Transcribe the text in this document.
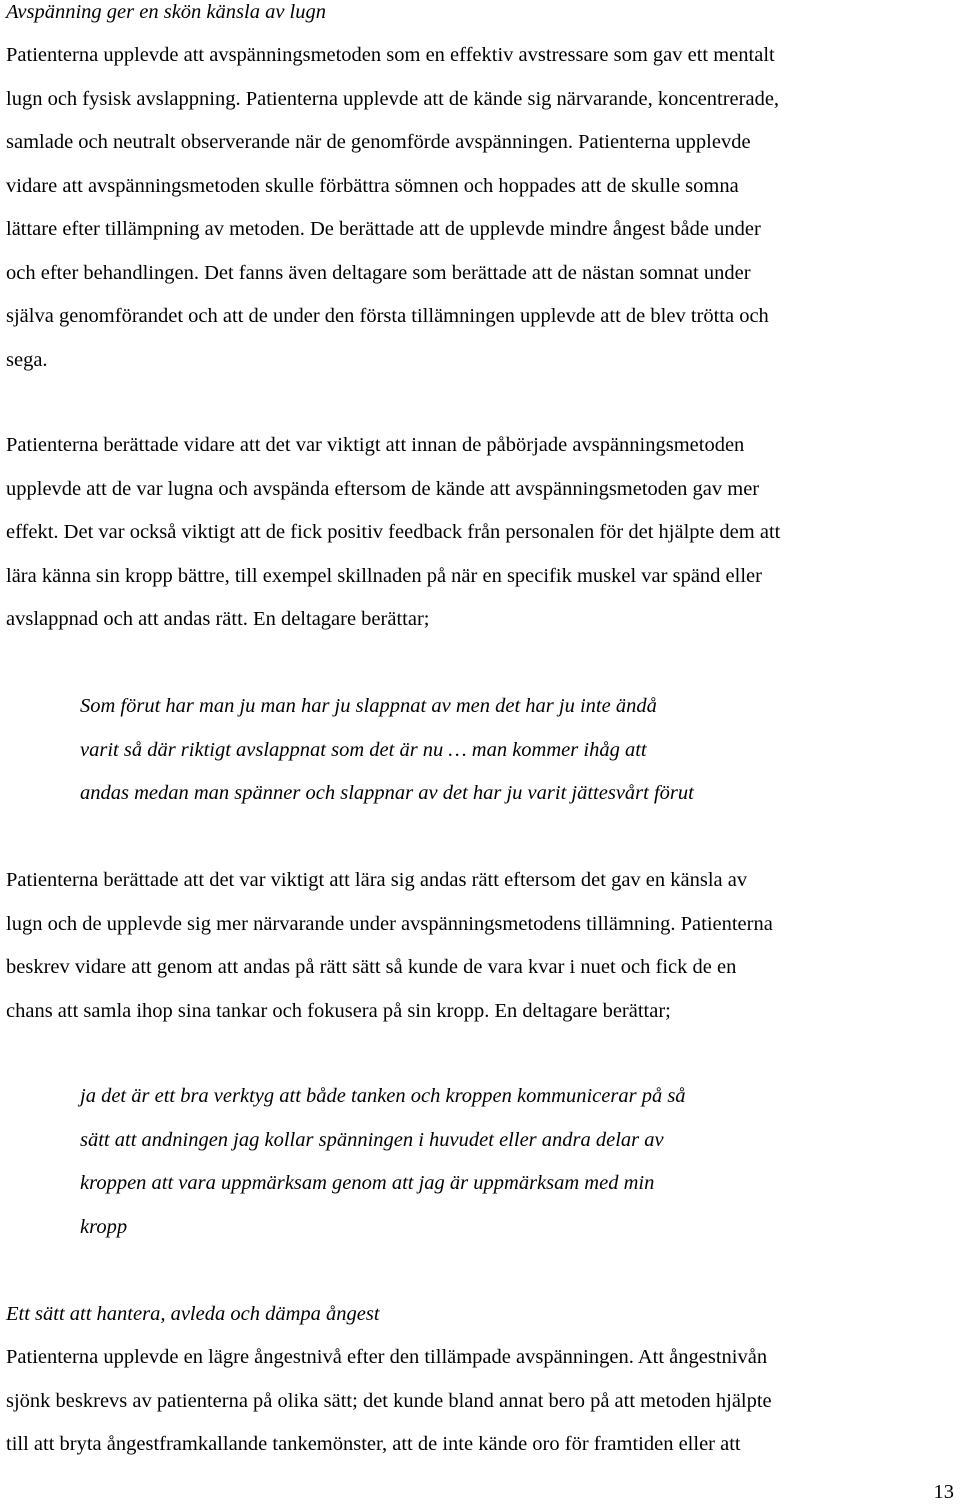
Avspänning ger en skön känsla av lugn

Patienterna upplevde att avspänningsmetoden som en effektiv avstressare som gav ett mentalt
lugn och fysisk avslappning. Patienterna upplevde att de kände sig närvarande, koncentrerade,
samlade och neutralt observerande när de genomförde avspänningen. Patienterna upplevde
vidare att avspänningsmetoden skulle förbättra sömnen och hoppades att de skulle somna
lättare efter tillämpning av metoden. De berättade att de upplevde mindre ångest både under
och efter behandlingen. Det fanns även deltagare som berättade att de nästan somnat under
själva genomförandet och att de under den första tillämningen upplevde att de blev trötta och
sega.

Patienterna berättade vidare att det var viktigt att innan de påbörjade avspänningsmetoden
upplevde att de var lugna och avspända eftersom de kände att avspänningsmetoden gav mer
effekt. Det var också viktigt att de fick positiv feedback från personalen för det hjälpte dem att
lära känna sin kropp bättre, till exempel skillnaden på när en specifik muskel var spänd eller
avslappnad och att andas rätt. En deltagare berättar;

Som förut har man ju man har ju slappnat av men det har ju inte ändå
varit så där riktigt avslappnat som det är nu … man kommer ihåg att
andas medan man spänner och slappnar av det har ju varit jättesvårt förut

Patienterna berättade att det var viktigt att lära sig andas rätt eftersom det gav en känsla av
lugn och de upplevde sig mer närvarande under avspänningsmetodens tillämning. Patienterna
beskrev vidare att genom att andas på rätt sätt så kunde de vara kvar i nuet och fick de en
chans att samla ihop sina tankar och fokusera på sin kropp. En deltagare berättar;

ja det är ett bra verktyg att både tanken och kroppen kommunicerar på så
sätt att andningen jag kollar spänningen i huvudet eller andra delar av
kroppen att vara uppmärksam genom att jag är uppmärksam med min
kropp
Ett sätt att hantera, avleda och dämpa ångest

Patienterna upplevde en lägre ångestnivå efter den tillämpade avspänningen. Att ångestnivån
sjönk beskrevs av patienterna på olika sätt; det kunde bland annat bero på att metoden hjälpte
till att bryta ångestframkallande tankemönster, att de inte kände oro för framtiden eller att

13
